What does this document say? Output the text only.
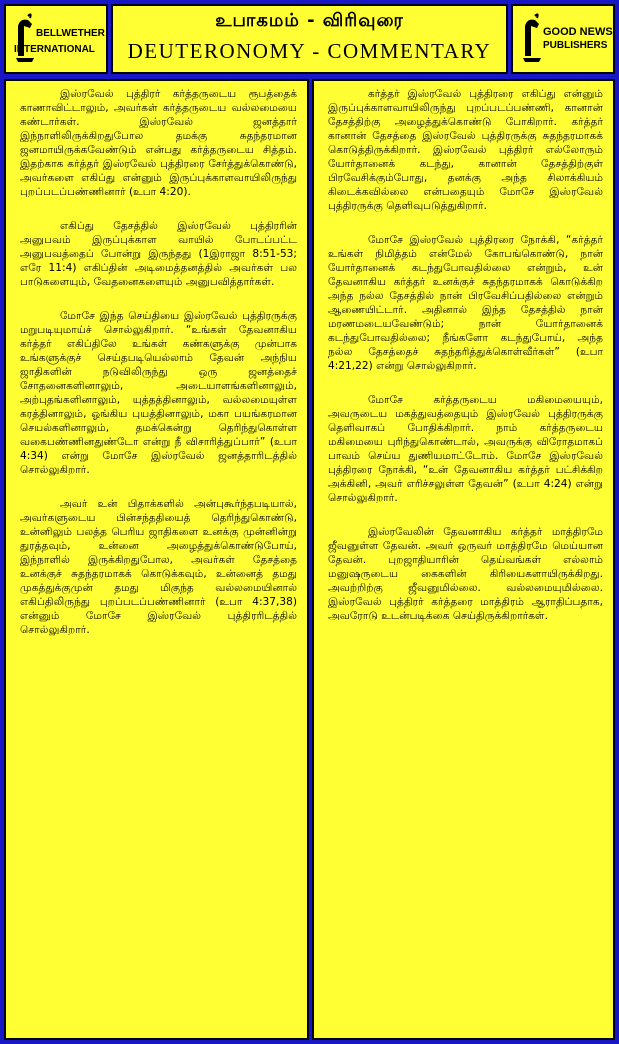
BELLWETHER
INTERNATIONAL
உபாகமம் - விரிவுரை
DEUTERONOMY - COMMENTARY
GOOD NEWS
PUBLISHERS

இஸ்ரவேல் புத்திரர் கர்த்தருடைய ரூபத்தைக் காணாவிட்டாலும், அவர்கள் கர்த்தருடைய வல்லமையை கண்டார்கள். இஸ்ரவேல் ஜனத்தார் இந்நாளிலிருக்கிறதுபோல தமக்கு சுதந்தரமான ஜனமாயிருக்கவேண்டும் என்பது கர்த்தருடைய சித்தம். இதற்காக கர்த்தர் இஸ்ரவேல் புத்திரரை சேர்த்துக்கொண்டு, அவர்களை எகிப்து என்னும் இருப்புக்காளவாயிலிருந்து புறப்படப்பண்ணினார் (உபா 4:20).

எகிப்து தேசத்தில் இஸ்ரவேல் புத்திரரின் அனுபவம் இருப்புக்காள வாயில் போடப்பட்ட அனுபவத்தைப் போன்று இருந்தது (1இராஜா 8:51-53; எரே 11:4) எகிப்தின் அடிமைத்தனத்தில் அவர்கள் பல பாடுகளையும், வேதனைகளையும் அனுபவித்தார்கள்.

மோசே இந்த செய்தியை இஸ்ரவேல் புத்திரருக்கு மறுபடியுமாய்ச் சொல்லுகிறார். “உங்கள் தேவனாகிய கர்த்தர் எகிப்திலே உங்கள் கண்களுக்கு முன்பாக உங்களுக்குச் செய்தபடியெல்லாம் தேவன் அந்நிய ஜாதிகளின் நடுவிலிருந்து ஒரு ஜனத்தைச் சோதனைகளினாலும், அடையாளங்களினாலும், அற்புதங்களினாலும், யுத்தத்தினாலும், வல்லமையுள்ள கரத்தினாலும், ஓங்கிய புயத்தினாலும், மகா பயங்கரமான செயல்களினாலும், தமக்கென்று தெரிந்துகொள்ள வகைபண்ணினதுண்டோ என்று நீ விசாரித்துப்பார்” (உபா 4:34) என்று மோசே இஸ்ரவேல் ஜனத்தாரிடத்தில் சொல்லுகிறார்.

அவர் உன் பிதாக்களில் அன்புகூர்ந்தபடியால், அவர்களுடைய பின்சந்ததியைத் தெரிந்துகொண்டு, உன்னிலும் பலத்த பெரிய ஜாதிகளை உனக்கு முன்னின்று துரத்தவும், உன்னை அழைத்துக்கொண்டுபோய், இந்நாளில் இருக்கிறதுபோல, அவர்கள் தேசத்தை உனக்குச் சுதந்தரமாகக் கொடுக்கவும், உன்னைத் தமது முகத்துக்குமுன் தமது மிகுந்த வல்லமையினால் எகிப்திலிருந்து புறப்படப்பண்ணினார் (உபா 4:37,38) என்னும் மோசே இஸ்ரவேல் புத்திரரிடத்தில் சொல்லுகிறார்.

கர்த்தர் இஸ்ரவேல் புத்திரரை எகிப்து என்னும் இருப்புக்காளவாயிலிருந்து புறப்படப்பண்ணி, கானான் தேசத்திற்கு அழைத்துக்கொண்டு போகிறார். கர்த்தர் கானான் தேசத்தை இஸ்ரவேல் புத்திரருக்கு சுதந்தரமாகக் கொடுத்திருக்கிறார். இஸ்ரவேல் புத்திரர் எல்லோரும் யோர்தானைக் கடந்து, கானான் தேசத்திற்குள் பிரவேசிக்கும்போது, தனக்கு அந்த சிலாக்கியம் கிடைக்கவில்லை என்பதையும் மோசே இஸ்ரவேல் புத்திரருக்கு தெளிவுபடுத்துகிறார்.

மோசே இஸ்ரவேல் புத்திரரை நோக்கி, “கர்த்தர் உங்கள் நிமித்தம் என்மேல் கோபங்கொண்டு, நான் யோர்தானைக் கடந்துபோவதில்லை என்றும், உன் தேவனாகிய கர்த்தர் உனக்குச் சுதந்தரமாகக் கொடுக்கிற அந்த நல்ல தேசத்தில் நான் பிரவேசிப்பதில்லை என்றும் ஆணையிட்டார். அதினால் இந்த தேசத்தில் நான் மரணமடையவேண்டும்; நான் யோர்தானைக் கடந்துபோவதில்லை; நீங்களோ கடந்துபோய், அந்த நல்ல தேசத்தைச் சுதந்தரித்துக்கொள்வீர்கள்” (உபா 4:21,22) என்று சொல்லுகிறார்.

மோசே கர்த்தருடைய மகிமையையும், அவருடைய மகத்துவத்தையும் இஸ்ரவேல் புத்திரருக்கு தெளிவாகப் போதிக்கிறார். நாம் கர்த்தருடைய மகிமையை புரிந்துகொண்டால், அவருக்கு விரோதமாகப் பாவம் செய்ய துணியமாட்டோம். மோசே இஸ்ரவேல் புத்திரரை நோக்கி, “உன் தேவனாகிய கர்த்தர் பட்சிக்கிற அக்கினி, அவர் எரிச்சலுள்ள தேவன்” (உபா 4:24) என்று சொல்லுகிறார்.

இஸ்ரவேலின் தேவனாகிய கர்த்தர் மாத்திரமே ஜீவனுள்ள தேவன். அவர் ஒருவர் மாத்திரமே மெய்யான தேவன். புறஜாதியாரின் தெய்வங்கள் எல்லாம் மனுஷருடைய கைகளின் கிரியைகளாயிருக்கிறது. அவற்றிற்கு ஜீவனுமில்லை. வல்லமையுமில்லை. இஸ்ரவேல் புத்திரர் கர்த்தரை மாத்திரம் ஆராதிப்பதாக, அவரோடு உடன்படிக்கை செய்திருக்கிறார்கள்.
